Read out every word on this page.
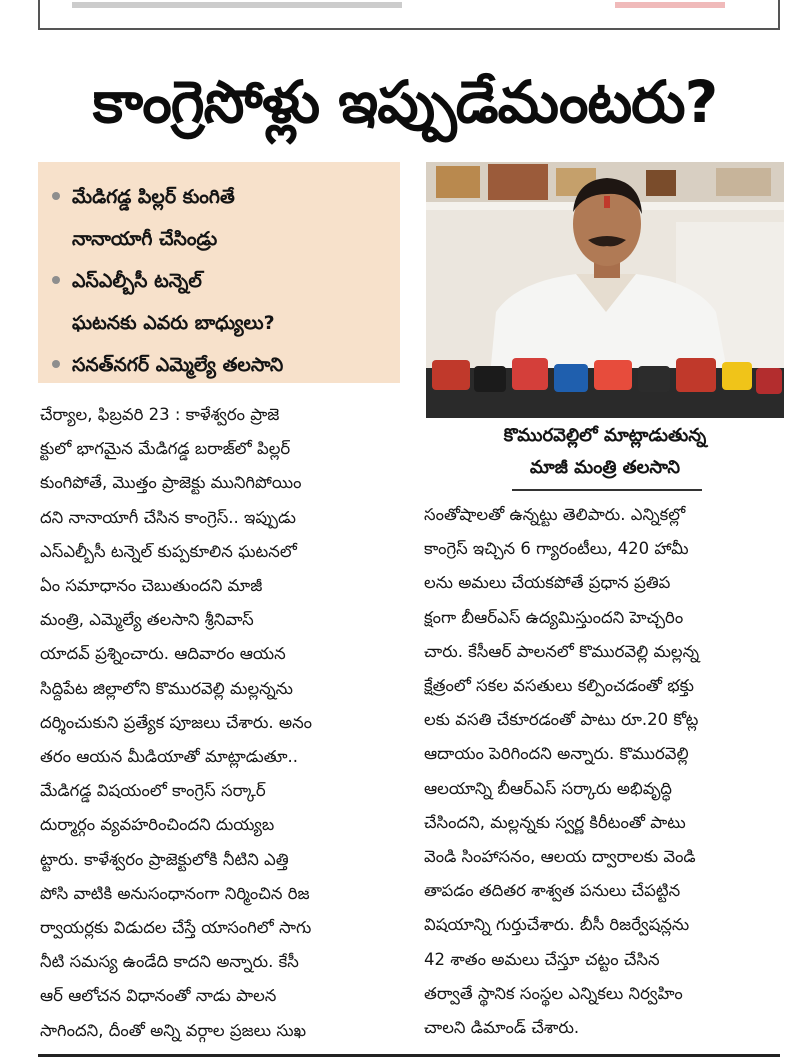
కాంగ్రెసోళ్లు ఇప్పుడేమంటరు?
మేడిగడ్డ పిల్లర్ కుంగితే
నానాయాగీ చేసిండ్రు
ఎస్ఎల్బీసీ టన్నెల్
ఘటనకు ఎవరు బాధ్యులు?
సనత్‌నగర్ ఎమ్మెల్యే తలసాని
కొమురవెల్లిలో మాట్లాడుతున్న
మాజీ మంత్రి తలసాని

చేర్యాల, ఫిబ్రవరి 23 : కాళేశ్వరం ప్రాజె

క్టులో భాగమైన మేడిగడ్డ బరాజ్‌లో పిల్లర్

కుంగిపోతే, మొత్తం ప్రాజెక్టు మునిగిపోయిం

దని నానాయాగీ చేసిన కాంగ్రెస్.. ఇప్పుడు

ఎస్ఎల్బీసీ టన్నెల్ కుప్పకూలిన ఘటనలో

ఏం సమాధానం చెబుతుందని మాజీ

మంత్రి, ఎమ్మెల్యే తలసాని శ్రీనివాస్

యాదవ్ ప్రశ్నించారు. ఆదివారం ఆయన

సిద్దిపేట జిల్లాలోని కొమురవెల్లి మల్లన్నను

దర్శించుకుని ప్రత్యేక పూజలు చేశారు. అనం

తరం ఆయన మీడియాతో మాట్లాడుతూ..

మేడిగడ్డ విషయంలో కాంగ్రెస్ సర్కార్

దుర్మార్గం వ్యవహరించిందని దుయ్యబ

ట్టారు. కాళేశ్వరం ప్రాజెక్టులోకి నీటిని ఎత్తి

పోసి వాటికి అనుసంధానంగా నిర్మించిన రిజ

ర్వాయర్లకు విడుదల చేస్తే యాసంగిలో సాగు

నీటి సమస్య ఉండేది కాదని అన్నారు. కేసీ

ఆర్ ఆలోచన విధానంతో నాడు పాలన

సాగిందని, దీంతో అన్ని వర్గాల ప్రజలు సుఖ

సంతోషాలతో ఉన్నట్టు తెలిపారు. ఎన్నికల్లో

కాంగ్రెస్ ఇచ్చిన 6 గ్యారంటీలు, 420 హామీ

లను అమలు చేయకపోతే ప్రధాన ప్రతిప

క్షంగా బీఆర్ఎస్ ఉద్యమిస్తుందని హెచ్చరిం

చారు. కేసీఆర్ పాలనలో కొమురవెల్లి మల్లన్న

క్షేత్రంలో సకల వసతులు కల్పించడంతో భక్తు

లకు వసతి చేకూరడంతో పాటు రూ.20 కోట్ల

ఆదాయం పెరిగిందని అన్నారు. కొమురవెల్లి

ఆలయాన్ని బీఆర్ఎస్ సర్కారు అభివృద్ధి

చేసిందని, మల్లన్నకు స్వర్ణ కిరీటంతో పాటు

వెండి సింహాసనం, ఆలయ ద్వారాలకు వెండి

తాపడం తదితర శాశ్వత పనులు చేపట్టిన

విషయాన్ని గుర్తుచేశారు. బీసీ రిజర్వేషన్లను

42 శాతం అమలు చేస్తూ చట్టం చేసిన

తర్వాతే స్థానిక సంస్థల ఎన్నికలు నిర్వహిం

చాలని డిమాండ్ చేశారు.
